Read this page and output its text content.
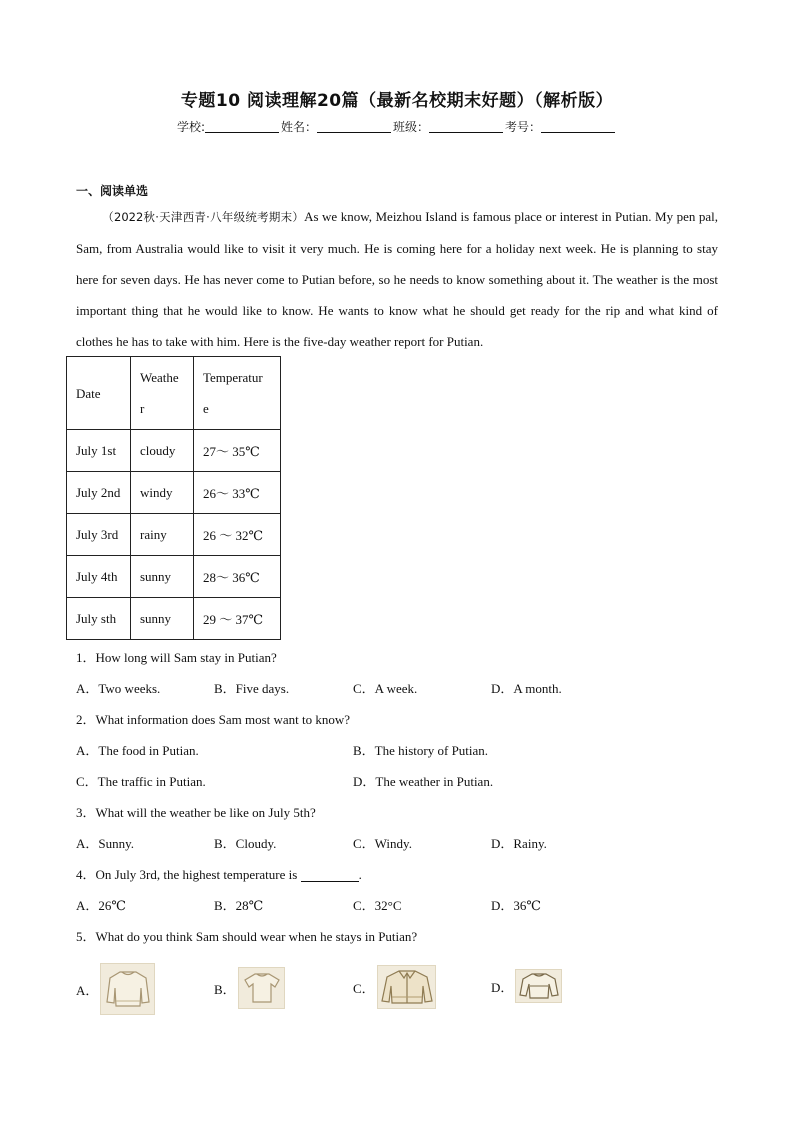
专题10 阅读理解20篇（最新名校期末好题）（解析版）
学校:	姓名：	班级：	考号：
一、阅读单选

（2022秋·天津西青·八年级统考期末）As we know, Meizhou Island is famous place or interest in Putian. My pen pal, Sam, from Australia would like to visit it very much. He is coming here for a holiday next week. He is planning to stay here for seven days. He has never come to Putian before, so he needs to know something about it. The weather is the most important thing that he would like to know. He wants to know what he should get ready for the rip and what kind of clothes he has to take with him. Here is the five-day weather report for Putian.

Date	Weathe r	Temperatur e
July 1st	cloudy	27～ 35℃
July 2nd	windy	26～ 33℃
July 3rd	rainy	26 ～ 32℃
July 4th	sunny	28～ 36℃
July sth	sunny	29 ～ 37℃
1．How long will Sam stay in Putian?
A．Two weeks.	B．Five days.	C．A week.	D．A month.
2．What information does Sam most want to know?
A．The food in Putian.	B．The history of Putian.
C．The traffic in Putian.	D．The weather in Putian.
3．What will the weather be like on July 5th?
A．Sunny.	B．Cloudy.	C．Windy.	D．Rainy.
4．On July 3rd, the highest temperature is	.
A．26℃	B．28℃	C．32°C	D．36℃
5．What do you think Sam should wear when he stays in Putian?
A．	B．	C．	D．
